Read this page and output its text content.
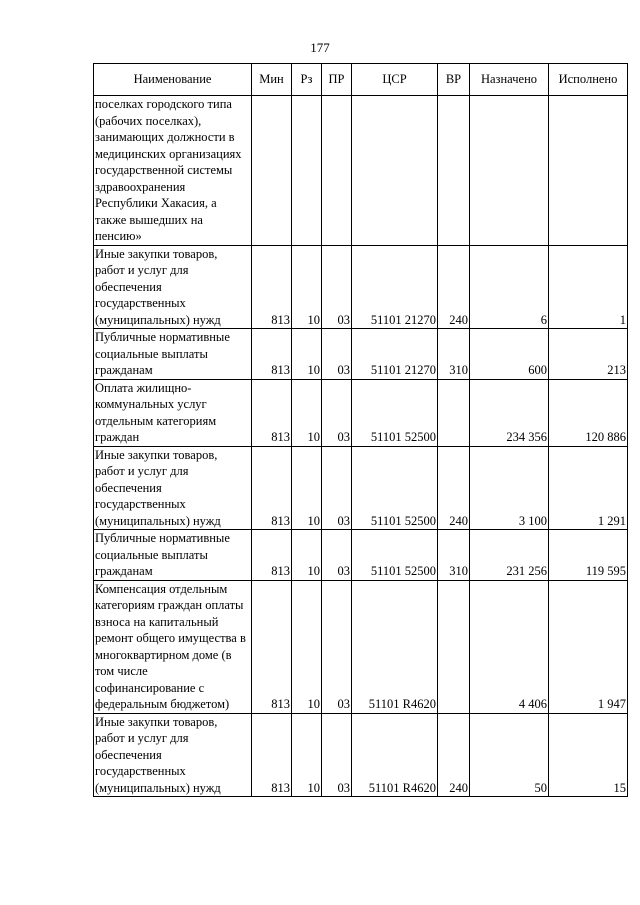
177
Наименование	Мин	Рз	ПР	ЦСР	ВР	Назначено	Исполнено
поселках городского типа (рабочих поселках), занимающих должности в медицинских организациях государственной системы здравоохранения Республики Хакасия, а также вышедших на пенсию»							
Иные закупки товаров, работ и услуг для обеспечения государственных (муниципальных) нужд	813	10	03	51101 21270	240	6	1
Публичные нормативные социальные выплаты гражданам	813	10	03	51101 21270	310	600	213
Оплата жилищно-коммунальных услуг отдельным категориям граждан	813	10	03	51101 52500		234 356	120 886
Иные закупки товаров, работ и услуг для обеспечения государственных (муниципальных) нужд	813	10	03	51101 52500	240	3 100	1 291
Публичные нормативные социальные выплаты гражданам	813	10	03	51101 52500	310	231 256	119 595
Компенсация отдельным категориям граждан оплаты взноса на капитальный ремонт общего имущества в многоквартирном доме (в том числе софинансирование с федеральным бюджетом)	813	10	03	51101 R4620		4 406	1 947
Иные закупки товаров, работ и услуг для обеспечения государственных (муниципальных) нужд	813	10	03	51101 R4620	240	50	15
